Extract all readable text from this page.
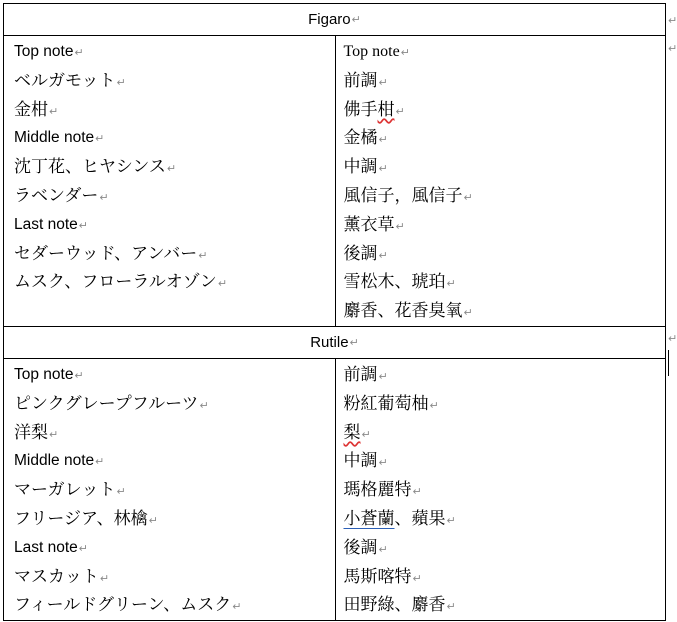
Figaro ↵
Top note↵
ベルガモット↵
金柑↵
Middle note↵
沈丁花、ヒヤシンス↵
ラベンダー↵
Last note↵
セダーウッド、アンバー↵
ムスク、フローラルオゾン↵
Top note↵
前調↵
佛手柑↵
金橘↵
中調↵
風信子，風信子↵
薰衣草↵
後調↵
雪松木、琥珀↵
麝香、花香臭氧↵
Rutile ↵
Top note↵
ピンクグレープフルーツ↵
洋梨↵
Middle note↵
マーガレット↵
フリージア、林檎↵
Last note↵
マスカット↵
フィールドグリーン、ムスク↵
前調↵
粉紅葡萄柚↵
梨↵
中調↵
瑪格麗特↵
小蒼蘭、蘋果↵
後調↵
馬斯喀特↵
田野綠、麝香↵
↵
↵
↵
